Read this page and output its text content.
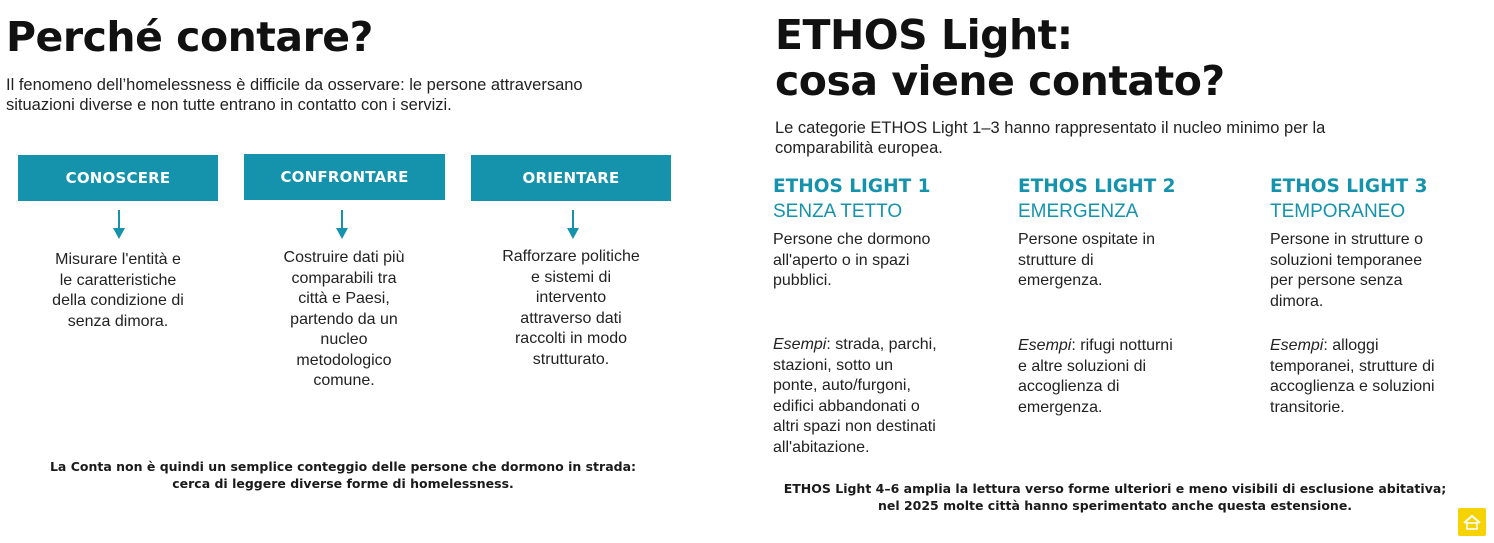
Perché contare?
Il fenomeno dell’homelessness è difficile da osservare: le persone attraversano
situazioni diverse e non tutte entrano in contatto con i servizi.
CONOSCERE
Misurare l'entità e
le caratteristiche
della condizione di
senza dimora.
CONFRONTARE
Costruire dati più
comparabili tra
città e Paesi,
partendo da un
nucleo
metodologico
comune.
ORIENTARE
Rafforzare politiche
e sistemi di
intervento
attraverso dati
raccolti in modo
strutturato.
La Conta non è quindi un semplice conteggio delle persone che dormono in strada:
cerca di leggere diverse forme di homelessness.
ETHOS Light:
cosa viene contato?
Le categorie ETHOS Light 1–3 hanno rappresentato il nucleo minimo per la
comparabilità europea.
ETHOS LIGHT 1
SENZA TETTO
Persone che dormono
all'aperto o in spazi
pubblici.
Esempi: strada, parchi,
stazioni, sotto un
ponte, auto/furgoni,
edifici abbandonati o
altri spazi non destinati
all'abitazione.
ETHOS LIGHT 2
EMERGENZA
Persone ospitate in
strutture di
emergenza.
Esempi: rifugi notturni
e altre soluzioni di
accoglienza di
emergenza.
ETHOS LIGHT 3
TEMPORANEO
Persone in strutture o
soluzioni temporanee
per persone senza
dimora.
Esempi: alloggi
temporanei, strutture di
accoglienza e soluzioni
transitorie.
ETHOS Light 4–6 amplia la lettura verso forme ulteriori e meno visibili di esclusione abitativa;
nel 2025 molte città hanno sperimentato anche questa estensione.
